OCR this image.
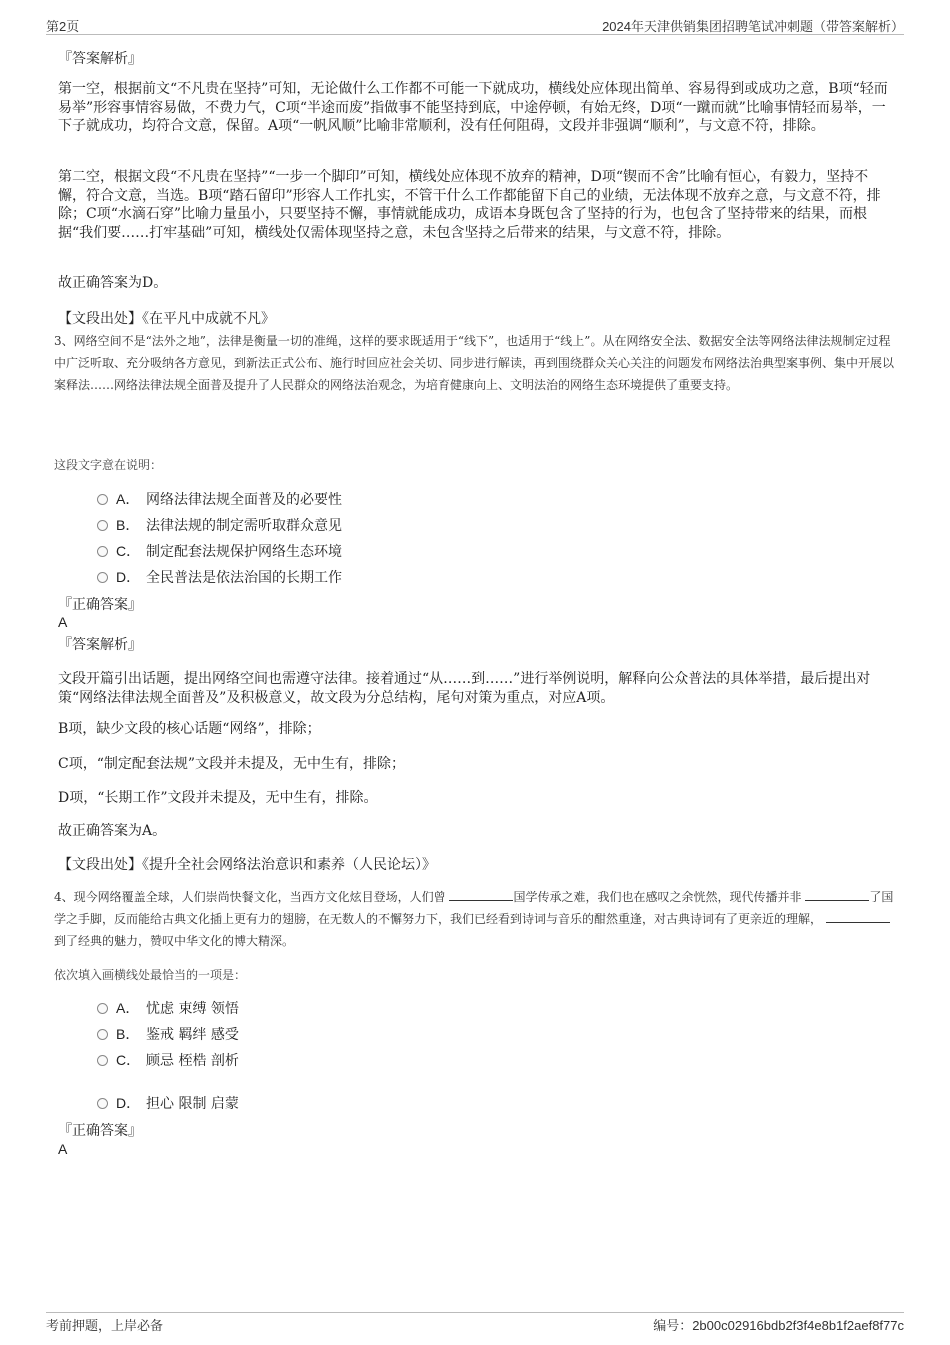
第2页	2024年天津供销集团招聘笔试冲刺题（带答案解析）
『答案解析』
第一空，根据前文“不凡贵在坚持”可知，无论做什么工作都不可能一下就成功，横线处应体现出简单、容易得到或成功之意，B项“轻而易举”形容事情容易做，不费力气，C项“半途而废”指做事不能坚持到底，中途停顿，有始无终，D项“一蹴而就”比喻事情轻而易举，一下子就成功，均符合文意，保留。A项“一帆风顺”比喻非常顺利，没有任何阻碍，文段并非强调“顺利”，与文意不符，排除。
第二空，根据文段“不凡贵在坚持”“一步一个脚印”可知，横线处应体现不放弃的精神，D项“锲而不舍”比喻有恒心，有毅力，坚持不懈，符合文意，当选。B项“踏石留印”形容人工作扎实，不管干什么工作都能留下自己的业绩，无法体现不放弃之意，与文意不符，排除；C项“水滴石穿”比喻力量虽小，只要坚持不懈，事情就能成功，成语本身既包含了坚持的行为，也包含了坚持带来的结果，而根据“我们要……打牢基础”可知，横线处仅需体现坚持之意，未包含坚持之后带来的结果，与文意不符，排除。
故正确答案为D。
【文段出处】《在平凡中成就不凡》
3、网络空间不是“法外之地”，法律是衡量一切的准绳，这样的要求既适用于“线下”，也适用于“线上”。从在网络安全法、数据安全法等网络法律法规制定过程中广泛听取、充分吸纳各方意见，到新法正式公布、施行时回应社会关切、同步进行解读，再到围绕群众关心关注的问题发布网络法治典型案事例、集中开展以案释法……网络法律法规全面普及提升了人民群众的网络法治观念，为培育健康向上、文明法治的网络生态环境提供了重要支持。
这段文字意在说明：
A． 网络法律法规全面普及的必要性
B． 法律法规的制定需听取群众意见
C． 制定配套法规保护网络生态环境
D． 全民普法是依法治国的长期工作
『正确答案』
A
『答案解析』
文段开篇引出话题，提出网络空间也需遵守法律。接着通过“从……到……”进行举例说明，解释向公众普法的具体举措，最后提出对策“网络法律法规全面普及”及积极意义，故文段为分总结构，尾句对策为重点，对应A项。
B项，缺少文段的核心话题“网络”，排除；
C项，“制定配套法规”文段并未提及，无中生有，排除；
D项，“长期工作”文段并未提及，无中生有，排除。
故正确答案为A。
【文段出处】《提升全社会网络法治意识和素养（人民论坛）》
4、现今网络覆盖全球，人们崇尚快餐文化，当西方文化炫目登场，人们曾	国学传承之难，我们也在感叹之余恍然，现代传播并非	了国学之手脚，反而能给古典文化插上更有力的翅膀，在无数人的不懈努力下，我们已经看到诗词与音乐的酣然重逢，对古典诗词有了更亲近的理解， 到了经典的魅力，赞叹中华文化的博大精深。
依次填入画横线处最恰当的一项是：
A． 忧虑 束缚 领悟
B． 鉴戒 羁绊 感受
C． 顾忌 桎梏 剖析
D． 担心 限制 启蒙
『正确答案』
A
考前押题，上岸必备	编号：2b00c02916bdb2f3f4e8b1f2aef8f77c
